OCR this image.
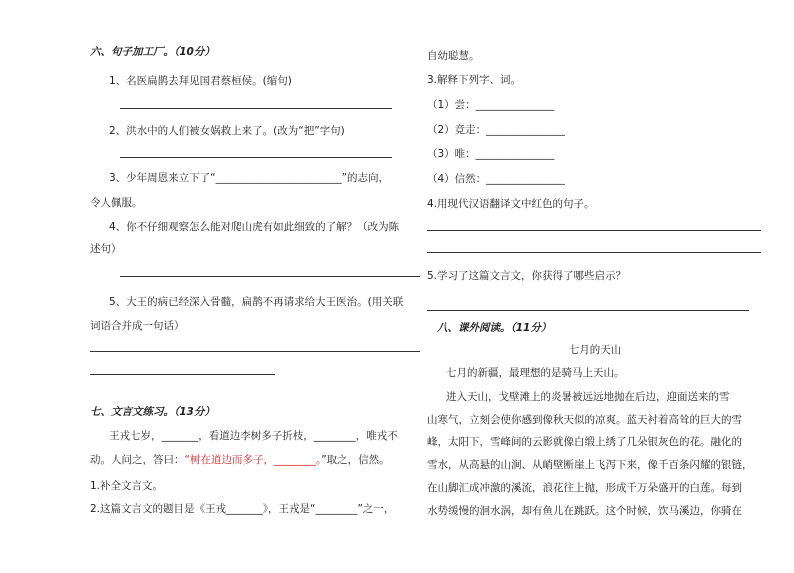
六、句子加工厂。（10分）
1、名医扁鹊去拜见国君蔡桓侯。(缩句)
2、洪水中的人们被女娲救上来了。(改为“把”字句)
3、少年周恩来立下了“________________________”的志向，
令人佩服。
4、你不仔细观察怎么能对爬山虎有如此细致的了解？（改为陈
述句）
5、大王的病已经深入骨髓，扁鹊不再请求给大王医治。(用关联
词语合并成一句话）
七、文言文练习。（13分）
王戎七岁，_______，看道边李树多子折枝，________，唯戎不
动。人问之，答曰：“树在道边而多子，________。”取之，信然。
1.补全文言文。
2.这篇文言文的题目是《王戎_______》，王戎是“________”之一，
自幼聪慧。
3.解释下列字、词。
（1）尝：_______________
（2）竞走：_______________
（3）唯：_______________
（4）信然：_______________
4.用现代汉语翻译文中红色的句子。
5.学习了这篇文言文，你获得了哪些启示？
八、课外阅读。（11分）
七月的天山
七月的新疆，最理想的是骑马上天山。
进入天山，戈壁滩上的炎暑被远远地抛在后边，迎面送来的雪
山寒气，立刻会使你感到像秋天似的凉爽。蓝天衬着高耸的巨大的雪
峰，太阳下，雪峰间的云影就像白缎上绣了几朵银灰色的花。融化的
雪水，从高悬的山涧、从峭壁断崖上飞泻下来，像千百条闪耀的银链，
在山脚汇成冲激的溪流，浪花往上抛，形成千万朵盛开的白莲。每到
水势缓慢的洄水涡，却有鱼儿在跳跃。这个时候，饮马溪边，你骑在
